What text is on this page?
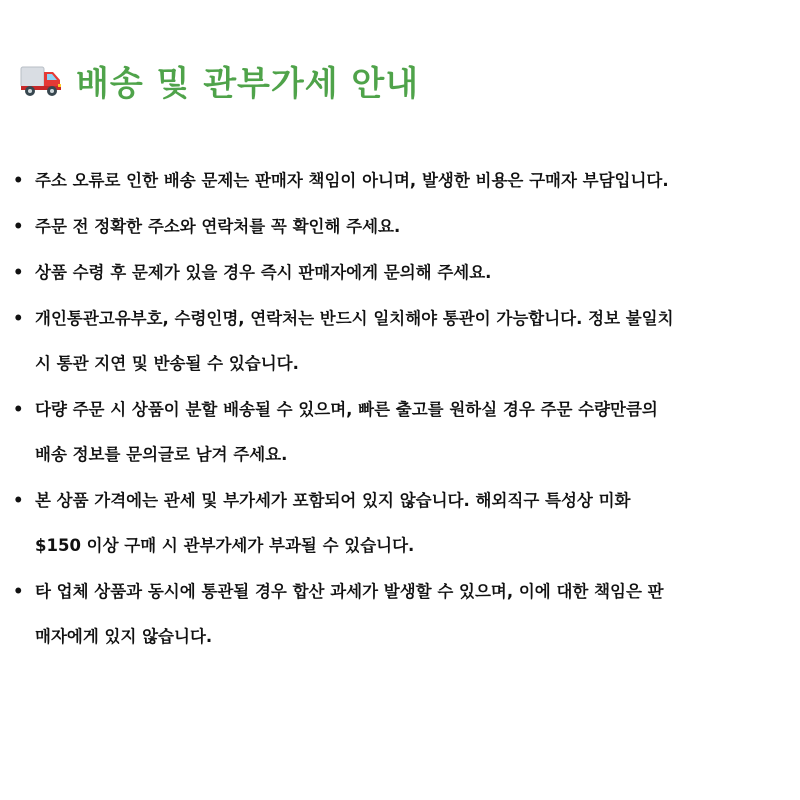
배송 및 관부가세 안내
• 주소 오류로 인한 배송 문제는 판매자 책임이 아니며, 발생한 비용은 구매자 부담입니다.
• 주문 전 정확한 주소와 연락처를 꼭 확인해 주세요.
• 상품 수령 후 문제가 있을 경우 즉시 판매자에게 문의해 주세요.
• 개인통관고유부호, 수령인명, 연락처는 반드시 일치해야 통관이 가능합니다. 정보 불일치
시 통관 지연 및 반송될 수 있습니다.
• 다량 주문 시 상품이 분할 배송될 수 있으며, 빠른 출고를 원하실 경우 주문 수량만큼의
배송 정보를 문의글로 남겨 주세요.
• 본 상품 가격에는 관세 및 부가세가 포함되어 있지 않습니다. 해외직구 특성상 미화
$150 이상 구매 시 관부가세가 부과될 수 있습니다.
• 타 업체 상품과 동시에 통관될 경우 합산 과세가 발생할 수 있으며, 이에 대한 책임은 판
매자에게 있지 않습니다.
